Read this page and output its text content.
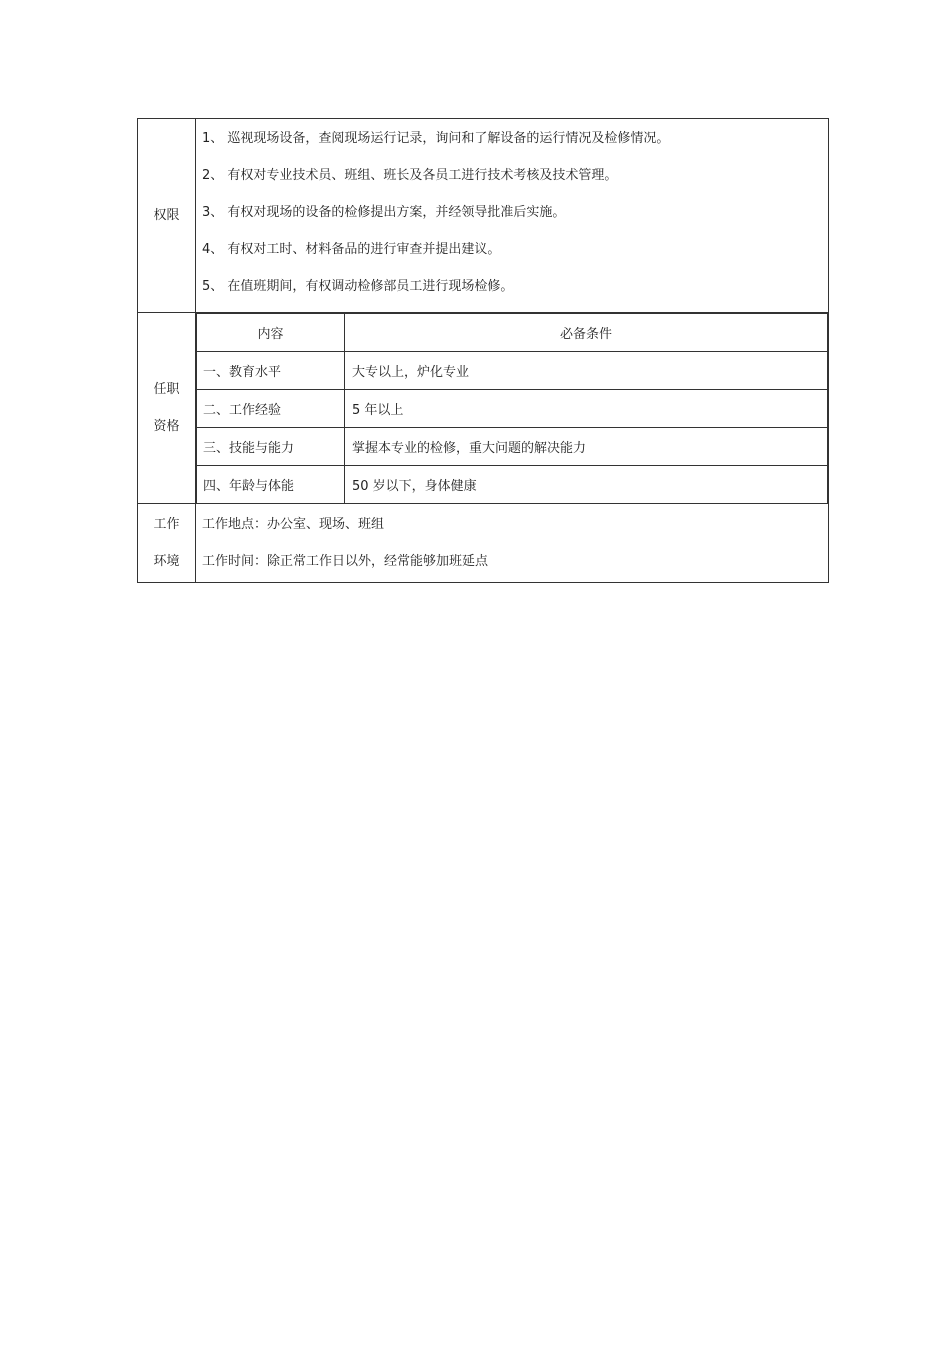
权限	
1、 巡视现场设备，查阅现场运行记录，询问和了解设备的运行情况及检修情况。
2、 有权对专业技术员、班组、班长及各员工进行技术考核及技术管理。
3、 有权对现场的设备的检修提出方案，并经领导批准后实施。
4、 有权对工时、材料备品的进行审查并提出建议。
5、 在值班期间，有权调动检修部员工进行现场检修。

任职
资格

内容	必备条件
一、教育水平	大专以上，炉化专业
二、工作经验	5 年以上
三、技能与能力	掌握本专业的检修，重大问题的解决能力
四、年龄与体能	50 岁以下，身体健康

工作
环境

工作地点：办公室、现场、班组
工作时间：除正常工作日以外，经常能够加班延点
